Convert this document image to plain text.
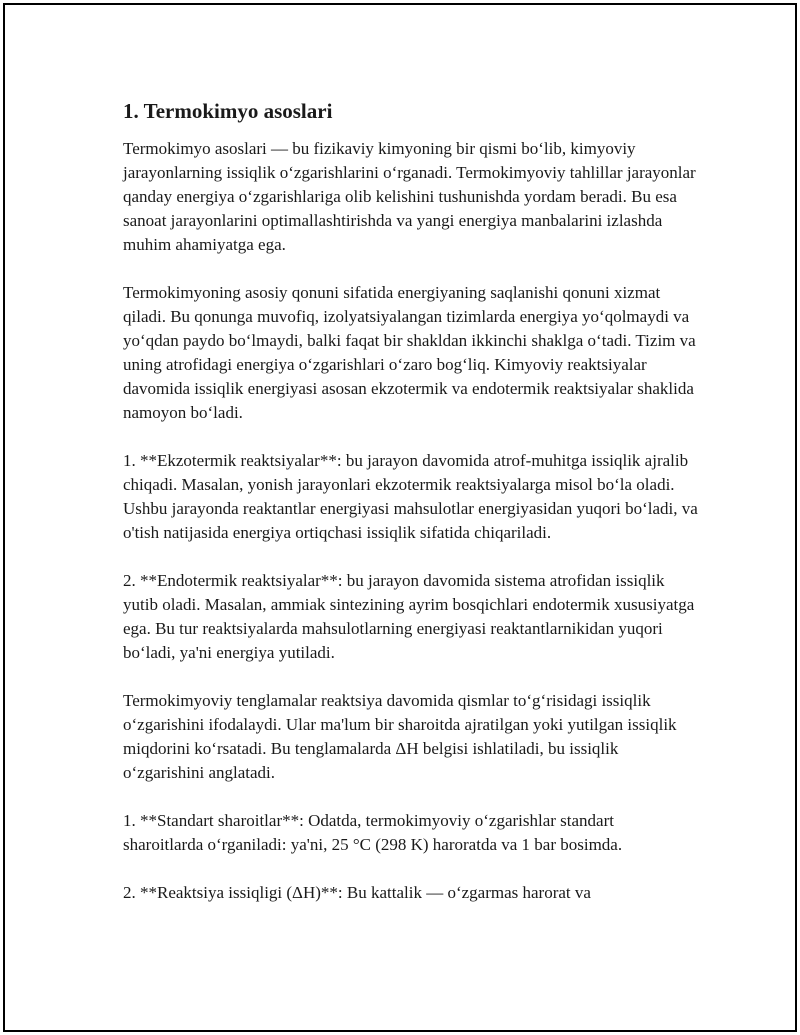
1. Termokimyo asoslari

Termokimyo asoslari — bu fizikaviy kimyoning bir qismi bo‘lib, kimyoviy jarayonlarning issiqlik o‘zgarishlarini o‘rganadi. Termokimyoviy tahlillar jarayonlar qanday energiya o‘zgarishlariga olib kelishini tushunishda yordam beradi. Bu esa sanoat jarayonlarini optimallashtirishda va yangi energiya manbalarini izlashda muhim ahamiyatga ega.

Termokimyoning asosiy qonuni sifatida energiyaning saqlanishi qonuni xizmat qiladi. Bu qonunga muvofiq, izolyatsiyalangan tizimlarda energiya yo‘qolmaydi va yo‘qdan paydo bo‘lmaydi, balki faqat bir shakldan ikkinchi shaklga o‘tadi. Tizim va uning atrofidagi energiya o‘zgarishlari o‘zaro bog‘liq. Kimyoviy reaktsiyalar davomida issiqlik energiyasi asosan ekzotermik va endotermik reaktsiyalar shaklida namoyon bo‘ladi.

1. **Ekzotermik reaktsiyalar**: bu jarayon davomida atrof-muhitga issiqlik ajralib chiqadi. Masalan, yonish jarayonlari ekzotermik reaktsiyalarga misol bo‘la oladi. Ushbu jarayonda reaktantlar energiyasi mahsulotlar energiyasidan yuqori bo‘ladi, va o'tish natijasida energiya ortiqchasi issiqlik sifatida chiqariladi.

2. **Endotermik reaktsiyalar**: bu jarayon davomida sistema atrofidan issiqlik yutib oladi. Masalan, ammiak sintezining ayrim bosqichlari endotermik xususiyatga ega. Bu tur reaktsiyalarda mahsulotlarning energiyasi reaktantlarnikidan yuqori bo‘ladi, ya'ni energiya yutiladi.

Termokimyoviy tenglamalar reaktsiya davomida qismlar to‘g‘risidagi issiqlik o‘zgarishini ifodalaydi. Ular ma'lum bir sharoitda ajratilgan yoki yutilgan issiqlik miqdorini ko‘rsatadi. Bu tenglamalarda ΔH belgisi ishlatiladi, bu issiqlik o‘zgarishini anglatadi.

1. **Standart sharoitlar**: Odatda, termokimyoviy o‘zgarishlar standart sharoitlarda o‘rganiladi: ya'ni, 25 °C (298 K) haroratda va 1 bar bosimda.

2. **Reaktsiya issiqligi (ΔH)**: Bu kattalik — o‘zgarmas harorat va
